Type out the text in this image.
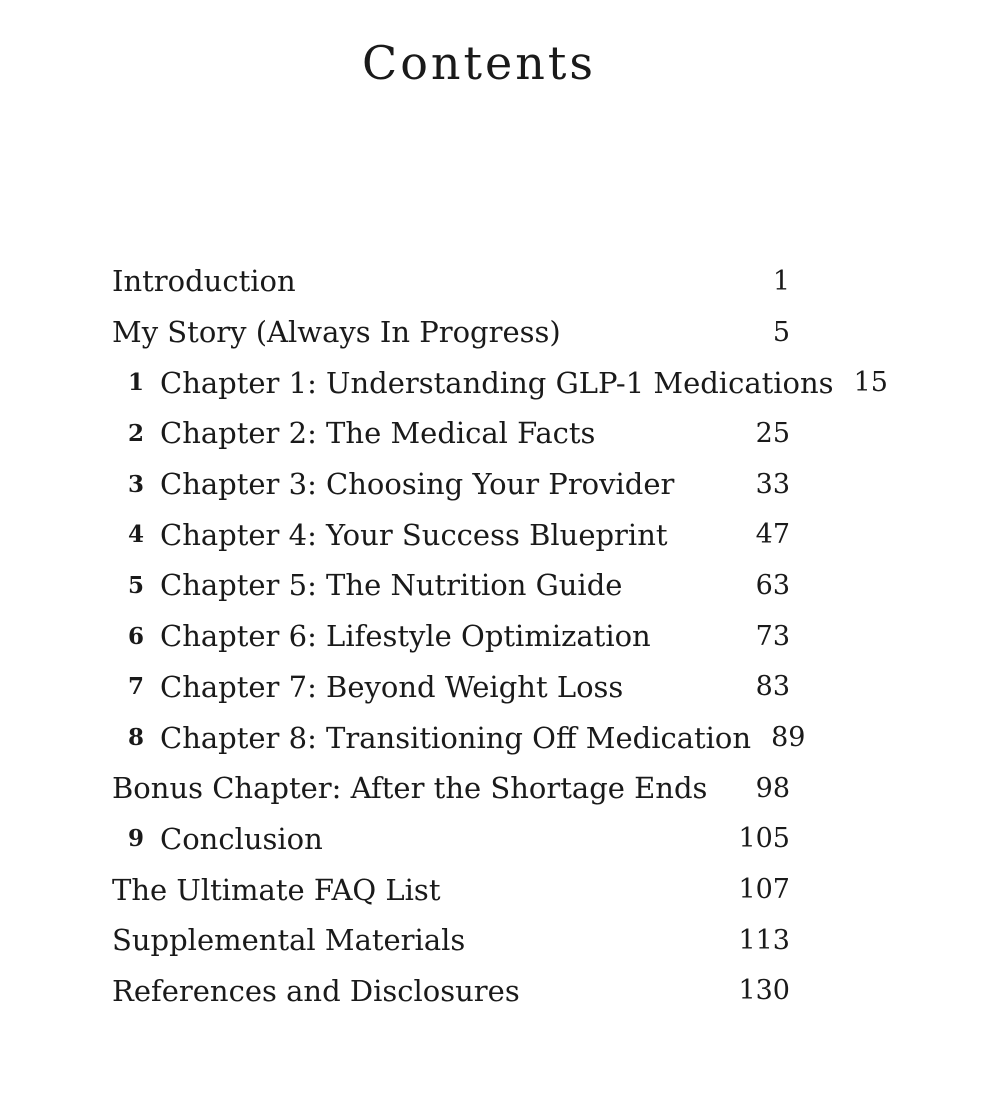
Contents
Introduction	1
My Story (Always In Progress)	5
1 Chapter 1: Understanding GLP-1 Medications 15
2 Chapter 2: The Medical Facts	25
3 Chapter 3: Choosing Your Provider	33
4 Chapter 4: Your Success Blueprint	47
5 Chapter 5: The Nutrition Guide	63
6 Chapter 6: Lifestyle Optimization	73
7 Chapter 7: Beyond Weight Loss	83
8 Chapter 8: Transitioning Off Medication 89
Bonus Chapter: After the Shortage Ends	98
9 Conclusion	105
The Ultimate FAQ List	107
Supplemental Materials	113
References and Disclosures	130
